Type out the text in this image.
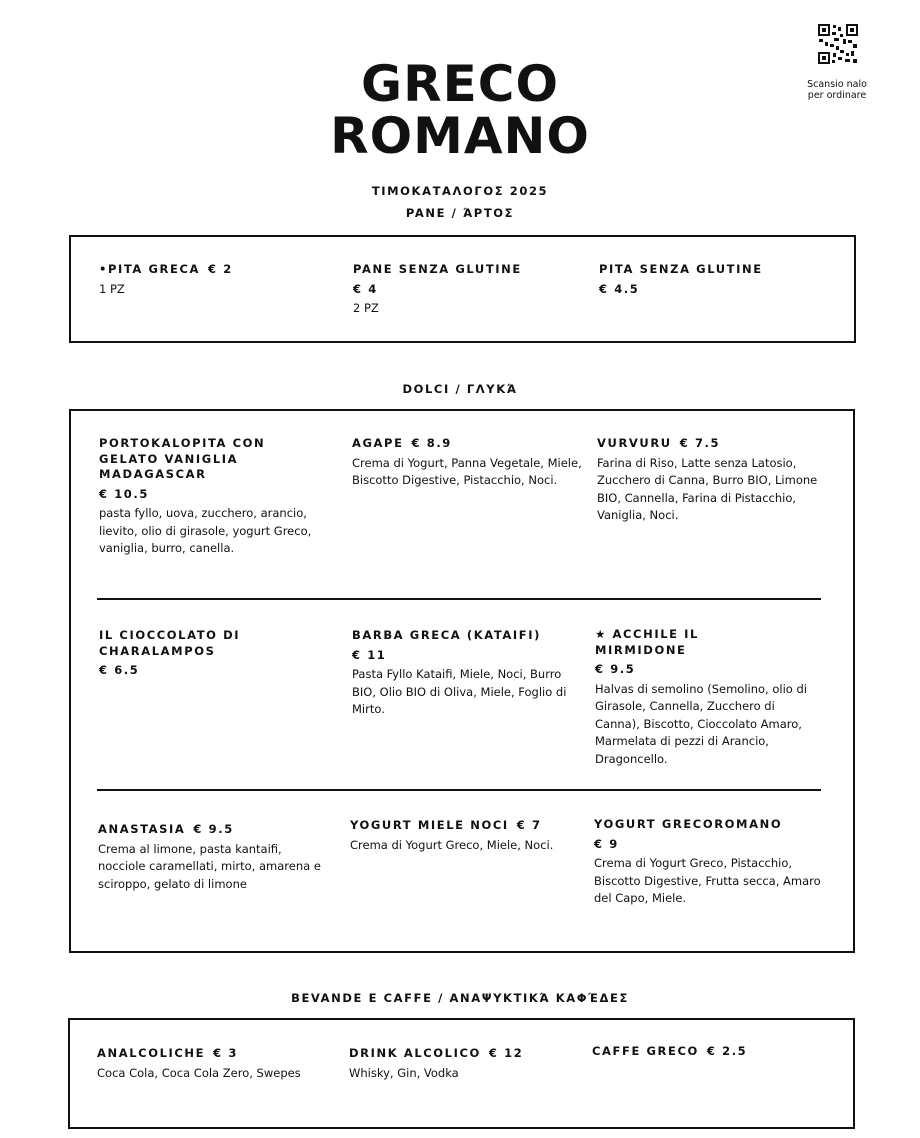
GRECO
ROMANO
Scansio nalo per ordinare
ΤΙΜΟΚΑΤΑΛΟΓΟΣ 2025
PANE / ΆΡΤΟΣ
•PITA GRECA € 2
1 PZ
PANE SENZA GLUTINE
€ 4
2 PZ
PITA SENZA GLUTINE
€ 4.5
DOLCI / ΓΛΥΚΆ
PORTOKALOPITA CON GELATO VANIGLIA MADAGASCAR
€ 10.5
pasta fyllo, uova, zucchero, arancio, lievito, olio di girasole, yogurt Greco, vaniglia, burro, canella.
AGAPE € 8.9
Crema di Yogurt, Panna Vegetale, Miele, Biscotto Digestive, Pistacchio, Noci.
VURVURU € 7.5
Farina di Riso, Latte senza Latosio, Zucchero di Canna, Burro BIO, Limone BIO, Cannella, Farina di Pistacchio, Vaniglia, Noci.
IL CIOCCOLATO DI CHARALAMPOS
€ 6.5
BARBA GRECA (KATAIFI)
€ 11
Pasta Fyllo Kataifi, Miele, Noci, Burro BIO, Olio BIO di Oliva, Miele, Foglio di Mirto.
★ ACCHILE IL MIRMIDONE
€ 9.5
Halvas di semolino (Semolino, olio di Girasole, Cannella, Zucchero di Canna), Biscotto, Cioccolato Amaro, Marmelata di pezzi di Arancio, Dragoncello.
ANASTASIA € 9.5
Crema al limone, pasta kantaifi, nocciole caramellati, mirto, amarena e sciroppo, gelato di limone
YOGURT MIELE NOCI € 7
Crema di Yogurt Greco, Miele, Noci.
YOGURT GRECOROMANO
€ 9
Crema di Yogurt Greco, Pistacchio, Biscotto Digestive, Frutta secca, Amaro del Capo, Miele.
BEVANDE E CAFFE / ΑΝΑΨΥΚΤΙΚΆ ΚΑΦΈΔΕΣ
ANALCOLICHE € 3
Coca Cola, Coca Cola Zero, Swepes
DRINK ALCOLICO € 12
Whisky, Gin, Vodka
CAFFE GRECO € 2.5
